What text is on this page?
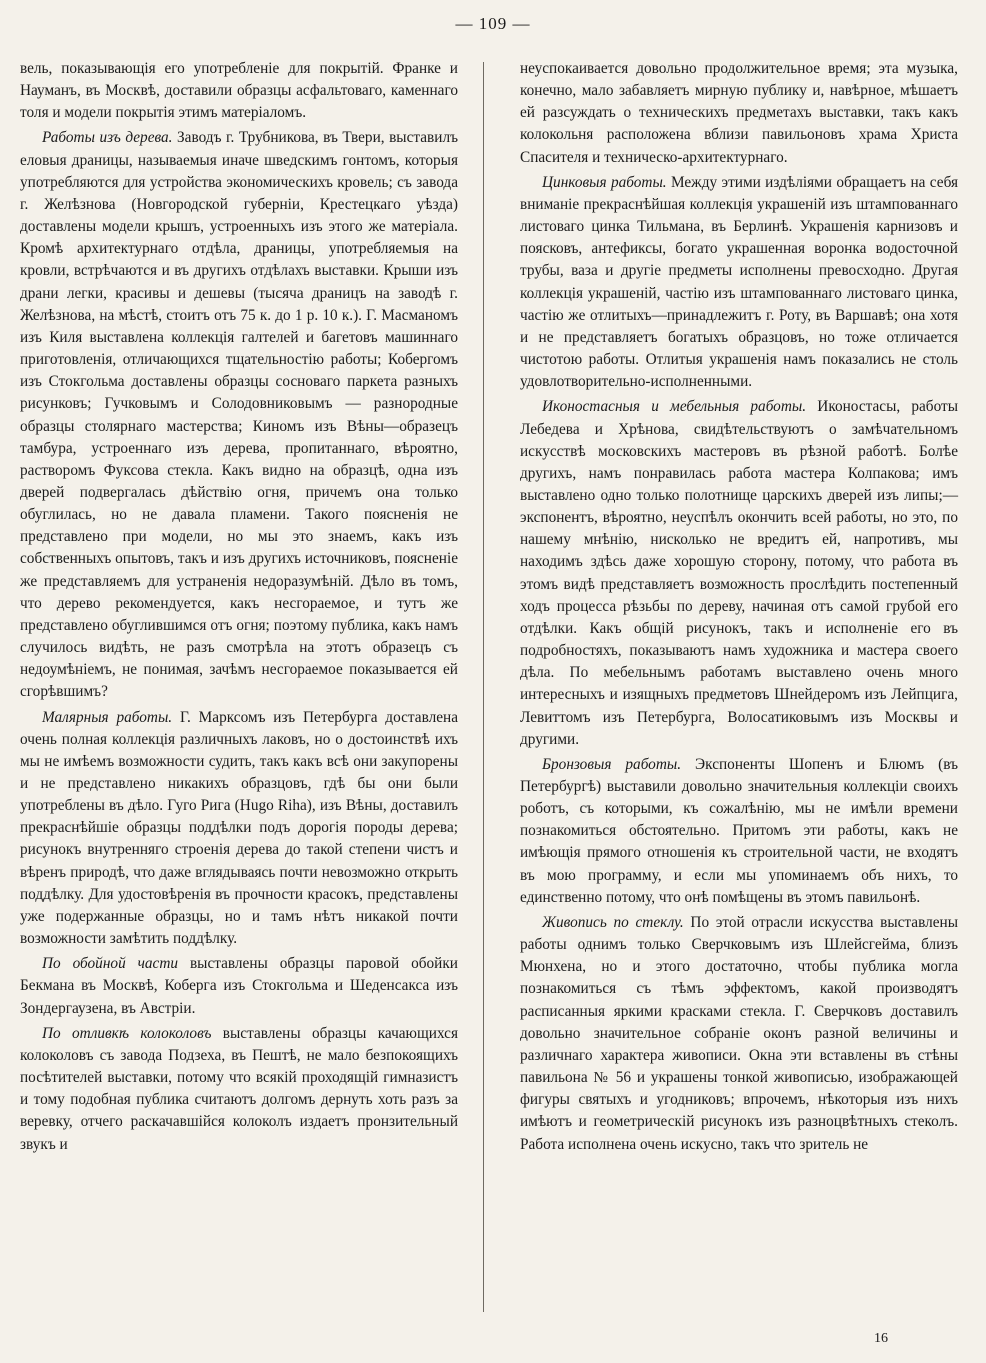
— 109 —

вель, показывающія его употребленіе для покрытій. Франке и Науманъ, въ Москвѣ, доставили образцы асфальтоваго, каменнаго толя и модели покрытія этимъ матеріаломъ.

Работы изъ дерева. Заводъ г. Трубникова, въ Твери, выставилъ еловыя драницы, называемыя иначе шведскимъ гонтомъ, которыя употребляются для устройства экономическихъ кровель; съ завода г. Желѣзнова (Новгородской губерніи, Крестецкаго уѣзда) доставлены модели крышъ, устроенныхъ изъ этого же матеріала. Кромѣ архитектурнаго отдѣла, драницы, употребляемыя на кровли, встрѣчаются и въ другихъ отдѣлахъ выставки. Крыши изъ драни легки, красивы и дешевы (тысяча драницъ на заводѣ г. Желѣзнова, на мѣстѣ, стоитъ отъ 75 к. до 1 р. 10 к.). Г. Масманомъ изъ Киля выставлена коллекція галтелей и багетовъ машиннаго приготовленія, отличающихся тщательностію работы; Кобергомъ изъ Стокгольма доставлены образцы сосноваго паркета разныхъ рисунковъ; Гучковымъ и Солодовниковымъ — разнородные образцы столярнаго мастерства; Киномъ изъ Вѣны—образецъ тамбура, устроеннаго изъ дерева, пропитаннаго, вѣроятно, растворомъ Фуксова стекла. Какъ видно на образцѣ, одна изъ дверей подвергалась дѣйствію огня, причемъ она только обуглилась, но не давала пламени. Такого поясненія не представлено при модели, но мы это знаемъ, какъ изъ собственныхъ опытовъ, такъ и изъ другихъ источниковъ, поясненіе же представляемъ для устраненія недоразумѣній. Дѣло въ томъ, что дерево рекомендуется, какъ несгораемое, и тутъ же представлено обуглившимся отъ огня; поэтому публика, какъ намъ случилось видѣть, не разъ смотрѣла на этотъ образецъ съ недоумѣніемъ, не понимая, зачѣмъ несгораемое показывается ей сгорѣвшимъ?

Малярныя работы. Г. Марксомъ изъ Петербурга доставлена очень полная коллекція различныхъ лаковъ, но о достоинствѣ ихъ мы не имѣемъ возможности судить, такъ какъ всѣ они закупорены и не представлено никакихъ образцовъ, гдѣ бы они были употреблены въ дѣло. Гуго Рига (Hugo Riha), изъ Вѣны, доставилъ прекраснѣйшіе образцы поддѣлки подъ дорогія породы дерева; рисунокъ внутренняго строенія дерева до такой степени чистъ и вѣренъ природѣ, что даже вглядываясь почти невозможно открыть поддѣлку. Для удостовѣренія въ прочности красокъ, представлены уже подержанные образцы, но и тамъ нѣтъ никакой почти возможности замѣтить поддѣлку.

По обойной части выставлены образцы паровой обойки Бекмана въ Москвѣ, Коберга изъ Стокгольма и Шеденсакса изъ Зондергаузена, въ Австріи.

По отливкѣ колоколовъ выставлены образцы качающихся колоколовъ съ завода Подзеха, въ Пештѣ, не мало безпокоящихъ посѣтителей выставки, потому что всякій проходящій гимназистъ и тому подобная публика считаютъ долгомъ дернуть хоть разъ за веревку, отчего раскачавшійся колоколъ издаетъ пронзительный звукъ и

неуспокаивается довольно продолжительное время; эта музыка, конечно, мало забавляетъ мирную публику и, навѣрное, мѣшаетъ ей разсуждать о техническихъ предметахъ выставки, такъ какъ колокольня расположена вблизи павильоновъ храма Христа Спасителя и техническо-архитектурнаго.

Цинковыя работы. Между этими издѣліями обращаетъ на себя вниманіе прекраснѣйшая коллекція украшеній изъ штампованнаго листоваго цинка Тильмана, въ Берлинѣ. Украшенія карнизовъ и поясковъ, антефиксы, богато украшенная воронка водосточной трубы, ваза и другіе предметы исполнены превосходно. Другая коллекція украшеній, частію изъ штампованнаго листоваго цинка, частію же отлитыхъ—принадлежитъ г. Роту, въ Варшавѣ; она хотя и не представляетъ богатыхъ образцовъ, но тоже отличается чистотою работы. Отлитыя украшенія намъ показались не столь удовлотворительно-исполненными.

Иконостасныя и мебельныя работы. Иконостасы, работы Лебедева и Хрѣнова, свидѣтельствуютъ о замѣчательномъ искусствѣ московскихъ мастеровъ въ рѣзной работѣ. Болѣе другихъ, намъ понравилась работа мастера Колпакова; имъ выставлено одно только полотнище царскихъ дверей изъ липы;—экспонентъ, вѣроятно, неуспѣлъ окончить всей работы, но это, по нашему мнѣнію, нисколько не вредитъ ей, напротивъ, мы находимъ здѣсь даже хорошую сторону, потому, что работа въ этомъ видѣ представляетъ возможность прослѣдить постепенный ходъ процесса рѣзьбы по дереву, начиная отъ самой грубой его отдѣлки. Какъ общій рисунокъ, такъ и исполненіе его въ подробностяхъ, показываютъ намъ художника и мастера своего дѣла. По мебельнымъ работамъ выставлено очень много интересныхъ и изящныхъ предметовъ Шнейдеромъ изъ Лейпцига, Левиттомъ изъ Петербурга, Волосатиковымъ изъ Москвы и другими.

Бронзовыя работы. Экспоненты Шопенъ и Блюмъ (въ Петербургѣ) выставили довольно значительныя коллекціи своихъ роботъ, съ которыми, къ сожалѣнію, мы не имѣли времени познакомиться обстоятельно. Притомъ эти работы, какъ не имѣющія прямого отношенія къ строительной части, не входятъ въ мою программу, и если мы упоминаемъ объ нихъ, то единственно потому, что онѣ помѣщены въ этомъ павильонѣ.

Живопись по стеклу. По этой отрасли искусства выставлены работы однимъ только Сверчковымъ изъ Шлейсгейма, близъ Мюнхена, но и этого достаточно, чтобы публика могла познакомиться съ тѣмъ эффектомъ, какой производятъ расписанныя яркими красками стекла. Г. Сверчковъ доставилъ довольно значительное собраніе оконъ разной величины и различнаго характера живописи. Окна эти вставлены въ стѣны павильона № 56 и украшены тонкой живописью, изображающей фигуры святыхъ и угодниковъ; впрочемъ, нѣкоторыя изъ нихъ имѣютъ и геометрическій рисунокъ изъ разноцвѣтныхъ стеколъ. Работа исполнена очень искусно, такъ что зритель не

16
